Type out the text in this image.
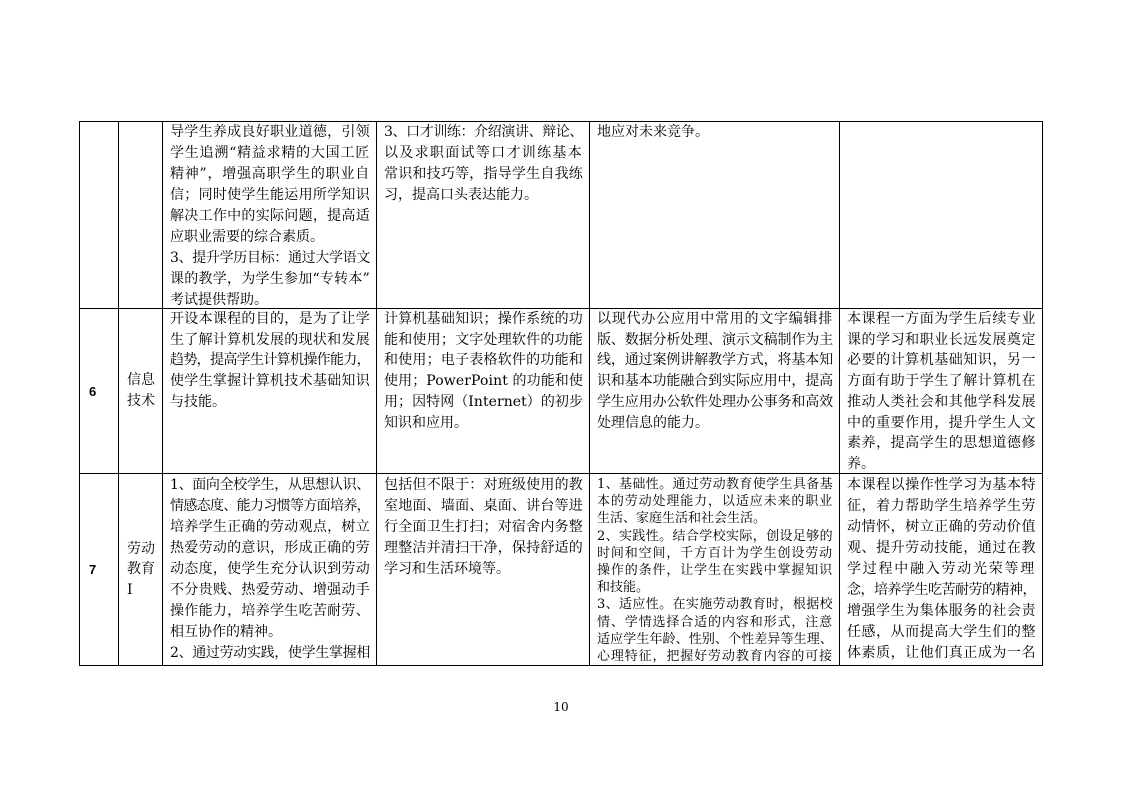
导学生养成良好职业道德，引领
学生追溯“精益求精的大国工匠
精神”，增强高职学生的职业自
信；同时使学生能运用所学知识
解决工作中的实际问题，提高适
应职业需要的综合素质。
3、提升学历目标：通过大学语文
课的教学，为学生参加“专转本”
考试提供帮助。
3、口才训练：介绍演讲、辩论、
以及求职面试等口才训练基本
常识和技巧等，指导学生自我练
习，提高口头表达能力。
地应对未来竞争。
6
信息
技术
开设本课程的目的，是为了让学
生了解计算机发展的现状和发展
趋势，提高学生计算机操作能力，
使学生掌握计算机技术基础知识
与技能。
计算机基础知识；操作系统的功
能和使用；文字处理软件的功能
和使用；电子表格软件的功能和
使用；PowerPoint 的功能和使
用；因特网（Internet）的初步
知识和应用。
以现代办公应用中常用的文字编辑排
版、数据分析处理、演示文稿制作为主
线，通过案例讲解教学方式，将基本知
识和基本功能融合到实际应用中，提高
学生应用办公软件处理办公事务和高效
处理信息的能力。
本课程一方面为学生后续专业
课的学习和职业长远发展奠定
必要的计算机基础知识，另一
方面有助于学生了解计算机在
推动人类社会和其他学科发展
中的重要作用，提升学生人文
素养，提高学生的思想道德修
养。
7
劳动
教育
Ⅰ
1、面向全校学生，从思想认识、
情感态度、能力习惯等方面培养，
培养学生正确的劳动观点，树立
热爱劳动的意识，形成正确的劳
动态度，使学生充分认识到劳动
不分贵贱、热爱劳动、增强动手
操作能力，培养学生吃苦耐劳、
相互协作的精神。
2、通过劳动实践，使学生掌握相
包括但不限于：对班级使用的教
室地面、墙面、桌面、讲台等进
行全面卫生打扫；对宿舍内务整
理整洁并清扫干净，保持舒适的
学习和生活环境等。
1、基础性。通过劳动教育使学生具备基
本的劳动处理能力，以适应未来的职业
生活、家庭生活和社会生活。
2、实践性。结合学校实际，创设足够的
时间和空间，千方百计为学生创设劳动
操作的条件，让学生在实践中掌握知识
和技能。
3、适应性。在实施劳动教育时，根据校
情、学情选择合适的内容和形式，注意
适应学生年龄、性别、个性差异等生理、
心理特征，把握好劳动教育内容的可接
本课程以操作性学习为基本特
征，着力帮助学生培养学生劳
动情怀，树立正确的劳动价值
观、提升劳动技能，通过在教
学过程中融入劳动光荣等理
念，培养学生吃苦耐劳的精神，
增强学生为集体服务的社会责
任感，从而提高大学生们的整
体素质，让他们真正成为一名
10
